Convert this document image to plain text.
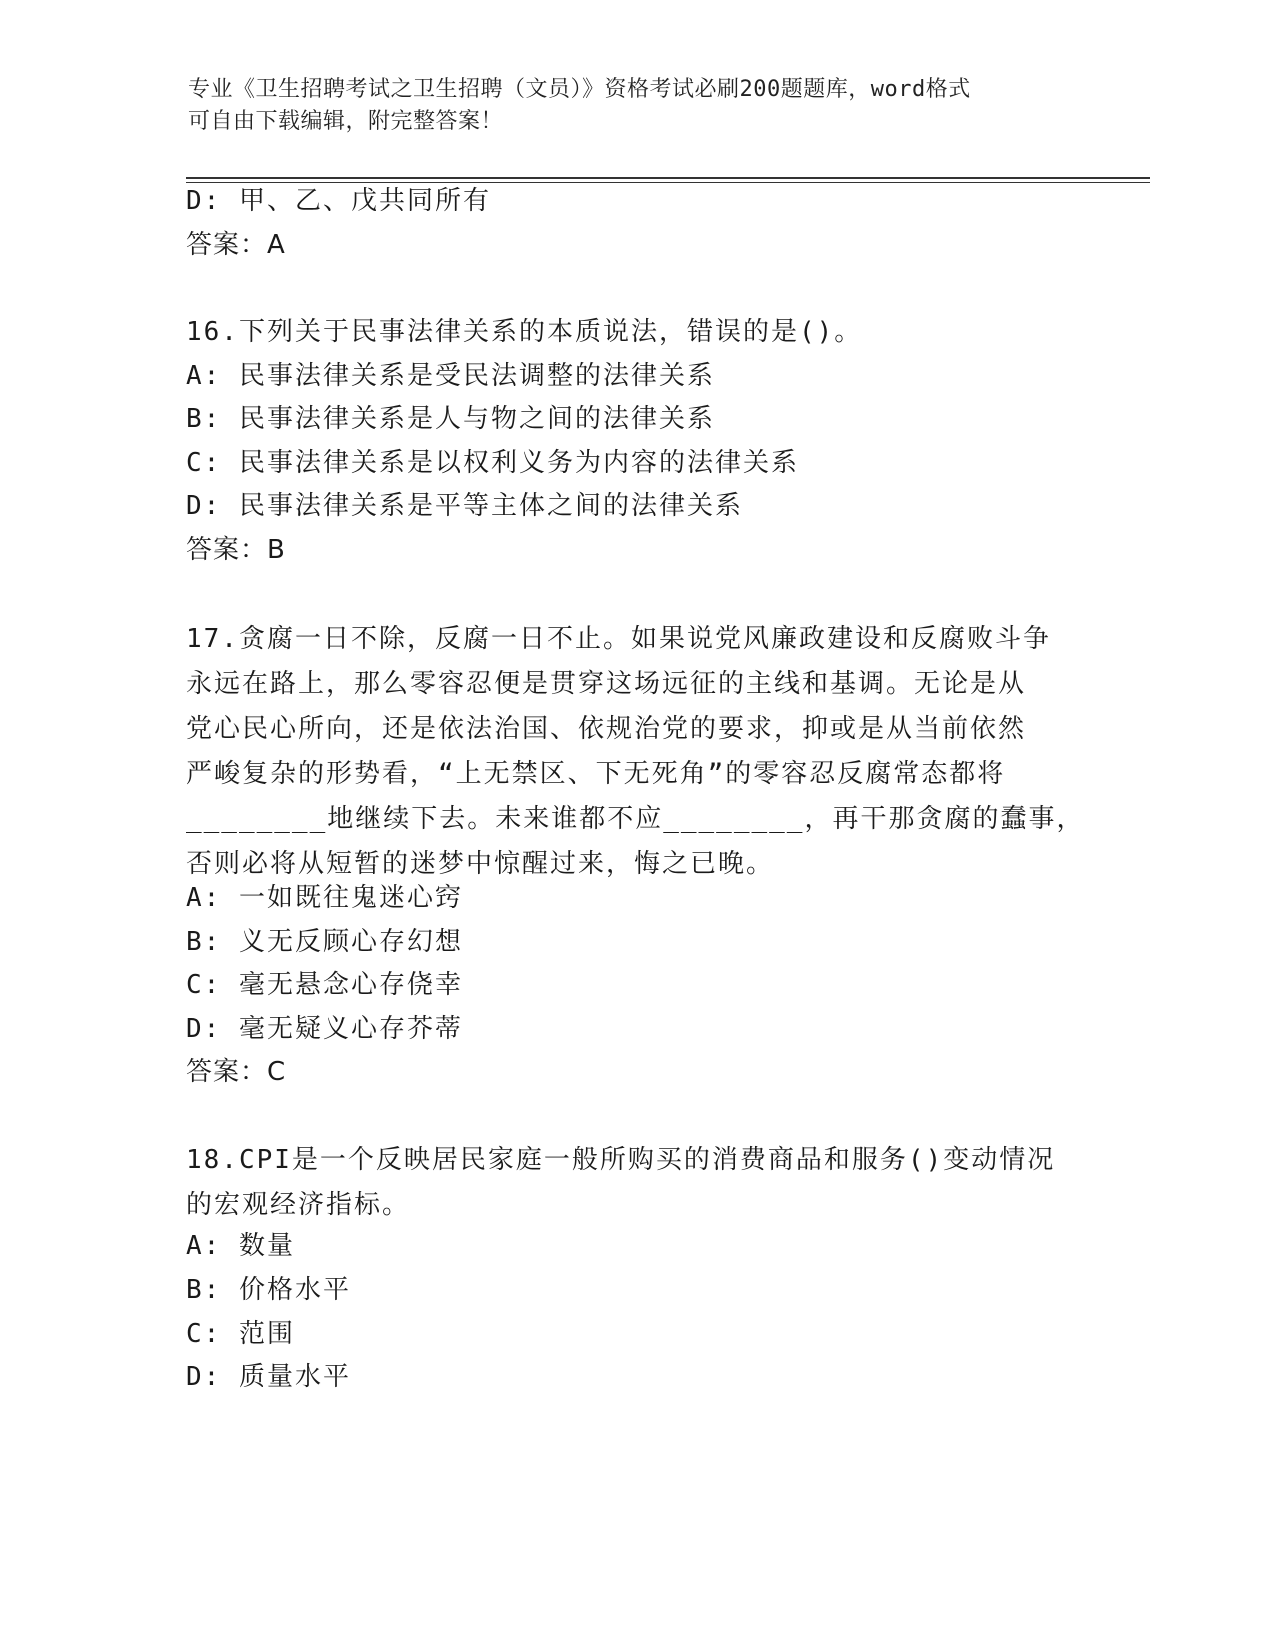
专业《卫生招聘考试之卫生招聘（文员）》资格考试必刷200题题库，word格式
可自由下载编辑，附完整答案！
D: 甲、乙、戊共同所有
答案：A
16.下列关于民事法律关系的本质说法，错误的是()。
A: 民事法律关系是受民法调整的法律关系
B: 民事法律关系是人与物之间的法律关系
C: 民事法律关系是以权利义务为内容的法律关系
D: 民事法律关系是平等主体之间的法律关系
答案：B
17.贪腐一日不除，反腐一日不止。如果说党风廉政建设和反腐败斗争
永远在路上，那么零容忍便是贯穿这场远征的主线和基调。无论是从
党心民心所向，还是依法治国、依规治党的要求，抑或是从当前依然
严峻复杂的形势看，“上无禁区、下无死角”的零容忍反腐常态都将
________地继续下去。未来谁都不应________，再干那贪腐的蠢事，
否则必将从短暂的迷梦中惊醒过来，悔之已晚。
A: 一如既往鬼迷心窍
B: 义无反顾心存幻想
C: 毫无悬念心存侥幸
D: 毫无疑义心存芥蒂
答案：C
18.CPI是一个反映居民家庭一般所购买的消费商品和服务()变动情况
的宏观经济指标。
A: 数量
B: 价格水平
C: 范围
D: 质量水平
